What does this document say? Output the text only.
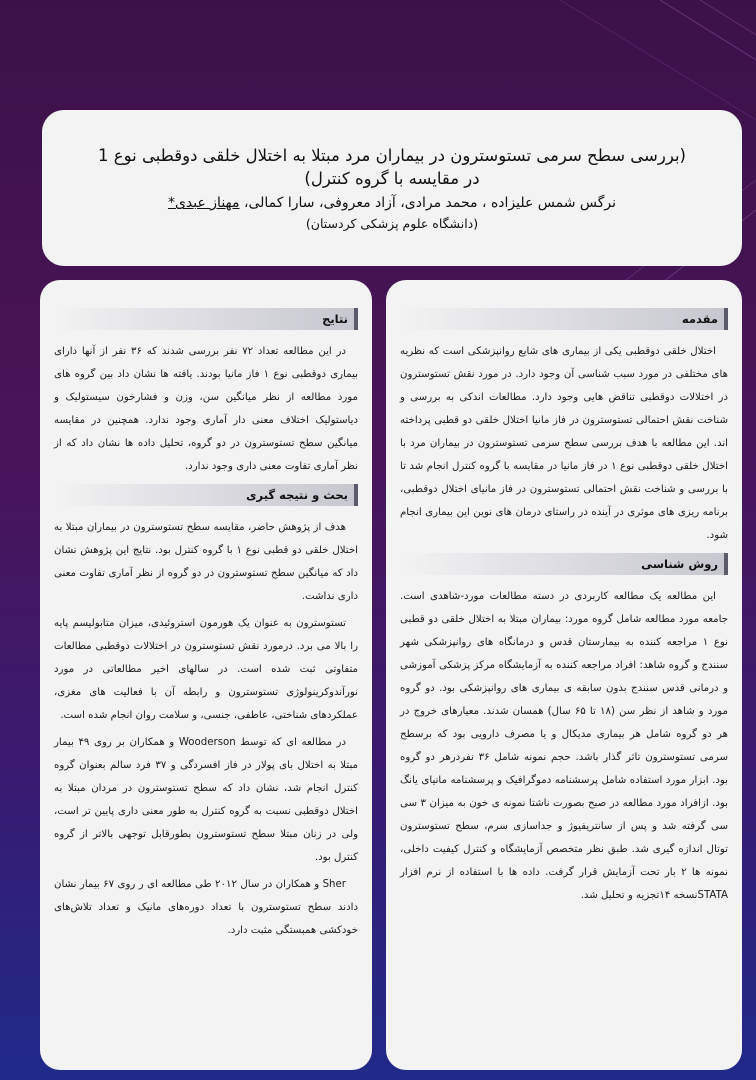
(بررسی سطح سرمی تستوسترون در بیماران مرد مبتلا به اختلال خلقی دوقطبی نوع 1
در مقایسه با گروه کنترل)
نرگس شمس علیزاده ، محمد مرادی، آزاد معروفی، سارا کمالی، مهناز عبدی*
(دانشگاه علوم پزشکی کردستان)
مقدمه

اختلال خلقی دوقطبی یکی از بیماری های شایع روانپزشکی است که نظریه های مختلفی در مورد سبب شناسی آن وجود دارد. در مورد نقش تستوسترون در اختلالات دوقطبی تناقض هایی وجود دارد. مطالعات اندکی به بررسی و شناخت نقش احتمالی تستوسترون در فاز مانیا اختلال خلقی دو قطبی پرداخته اند. این مطالعه با هدف بررسی سطح سرمی تستوسترون در بیماران مرد با اختلال خلقی دوقطبی نوع ۱ در فاز مانیا در مقایسه با گروه کنترل انجام شد تا با بررسی و شناخت نقش احتمالی تستوسترون در فاز مانیای اختلال دوقطبی، برنامه ریزی های موثری در آینده در راستای درمان های نوین این بیماری انجام شود.

روش شناسی

این مطالعه یک مطالعه کاربردی در دسته مطالعات مورد-شاهدی است. جامعه مورد مطالعه شامل گروه مورد: بیماران مبتلا به اختلال خلقی دو قطبی نوع ۱ مراجعه کننده به بیمارستان قدس و درمانگاه های روانپزشکی شهر سنندج و گروه شاهد: افراد مراجعه کننده به آزمایشگاه مرکز پزشکی آموزشی و درمانی قدس سنندج بدون سابقه ی بیماری های روانپزشکی بود. دو گروه مورد و شاهد از نظر سن (۱۸ تا ۶۵ سال) همسان شدند. معیارهای خروج در هر دو گروه شامل هر بیماری مدیکال و یا مصرف دارویی بود که برسطح سرمی تستوسترون تاثر گذار باشد. حجم نمونه شامل ۳۶ نفردرهر دو گروه بود. ابزار مورد استفاده شامل پرسشنامه دموگرافیک و پرسشنامه مانیای یانگ بود. ازافراد مورد مطالعه در صبح بصورت ناشتا نمونه ی خون به میزان ۳ سی سی گرفته شد و پس از سانتریفیوژ و جداسازی سرم، سطح تستوسترون توتال اندازه گیری شد. طبق نظر متخصص آزمایشگاه و کنترل کیفیت داخلی، نمونه ها ۲ بار تحت آزمایش قرار گرفت. داده ها با استفاده از نرم افزار STATAنسخه ۱۴تجزیه و تحلیل شد.

نتایج

در این مطالعه تعداد ۷۲ نفر بررسی شدند که ۳۶ نفر از آنها دارای بیماری دوقطبی نوع ۱ فاز مانیا بودند. یافته ها نشان داد بین گروه های مورد مطالعه از نظر میانگین سن، وزن و فشارخون سیستولیک و دیاستولیک اختلاف معنی دار آماری وجود ندارد. همچنین در مقایسه میانگین سطح تستوسترون در دو گروه، تحلیل داده ها نشان داد که از نظر آماری تفاوت معنی داری وجود ندارد.

بحث و نتیجه گیری

هدف از پژوهش حاضر، مقایسه سطح تستوسترون در بیماران مبتلا به اختلال خلقی دو قطبی نوع ۱ با گروه کنترل بود. نتایج این پژوهش نشان داد که میانگین سطح تستوسترون در دو گروه از نظر آماری تفاوت معنی داری نداشت.

تستوسترون به عنوان یک هورمون استروئیدی، میزان متابولیسم پایه را بالا می برد. درمورد نقش تستوسترون در اختلالات دوقطبی مطالعات متفاوتی ثبت شده است. در سالهای اخیر مطالعاتی در مورد نورآندوکرینولوژی تستوسترون و رابطه آن با فعالیت های مغزی، عملکردهای شناختی، عاطفی، جنسی، و سلامت روان انجام شده است.

در مطالعه ای که توسط Wooderson و همکاران بر روی ۴۹ بیمار مبتلا به اختلال بای پولار در فاز افسردگی و ۳۷ فرد سالم بعنوان گروه کنترل انجام شد، نشان داد که سطح تستوسترون در مردان مبتلا به اختلال دوقطبی نسبت به گروه کنترل به طور معنی داری پایین تر است، ولی در زنان مبتلا سطح تستوسترون بطورقابل توجهی بالاتر از گروه کنترل بود.

Sher و همکاران در سال ۲۰۱۲ طی مطالعه ای ر روی ۶۷ بیمار نشان دادند سطح تستوسترون با تعداد دوره‌های مانیک و تعداد تلاش‌های خودکشی همبستگی مثبت دارد.
